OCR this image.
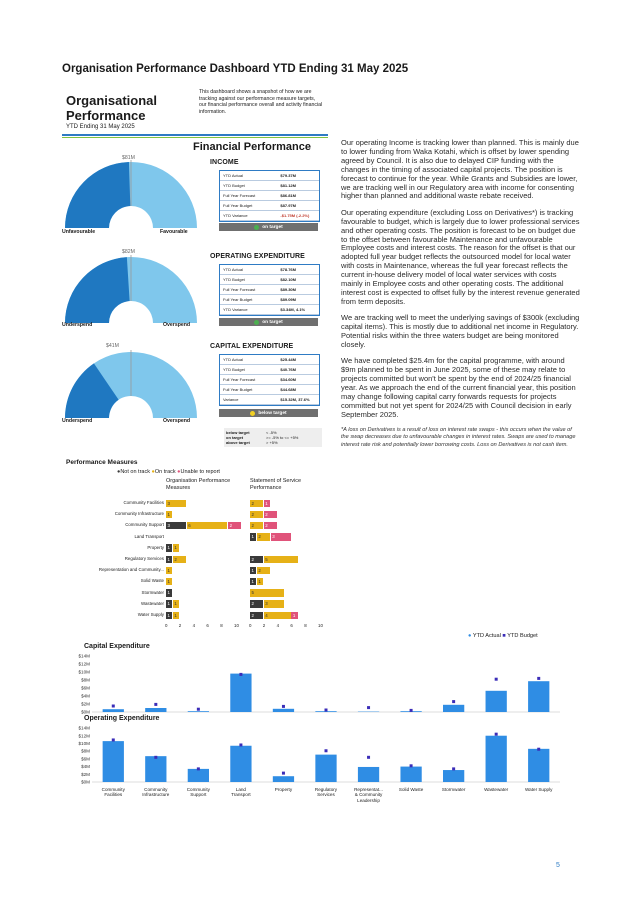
Organisation Performance Dashboard YTD Ending 31 May 2025
Organisational Performance
YTD Ending 31 May 2025
This dashboard shows a snapshot of how we are tracking against our performance measure targets, our financial performance overall and activity financial information.
Financial Performance
$81M
Unfavourable	Favourable
$82M
Underspend	Overspend
$41M
Underspend	Overspend
INCOME
YTD Actual	$79.37M
YTD Budget	$81.12M
Full Year Forecast	$86.81M
Full Year Budget	$87.97M
YTD Variance	-$1.75M (-2.2%)
on target
OPERATING EXPENDITURE
YTD Actual	$78.76M
YTD Budget	$82.10M
Full Year Forecast	$89.30M
Full Year Budget	$89.09M
YTD Variance	$3.34M, 4.1%
on target
CAPITAL EXPENDITURE
YTD Actual	$25.44M
YTD Budget	$40.76M
Full Year Forecast	$34.60M
Full Year Budget	$44.68M
Variance	$15.32M, 37.6%
below target
below target	< -5%
on target	>= -5% to <= +5%
above target	> +5%
Performance Measures
●Not on track ●On track ●Unable to report
Organisation Performance Measures
Statement of Service Performance
Community Facilities 3	2	1
Community Infrastructure 1	2	2
Community Support 3	6	2	2	2
Land Transport	1	2	3
Property 1	1
Regulatory Services 1	2	2	5
Representation and Community... 1	1	2
Solid Waste 1	1	1
Stormwater 1	5
Wastewater 1	1	2	3
Water Supply 1	1	2	4	1
0	2	4	6	8	10 0	2	4	6	8	10

Our operating Income is tracking lower than planned. This is mainly due to lower funding from Waka Kotahi, which is offset by lower spending agreed by Council. It is also due to delayed CIP funding with the changes in the timing of associated capital projects. The position is forecast to continue for the year. While Grants and Subsidies are lower, we are tracking well in our Regulatory area with income for consenting higher than planned and additional waste rebate received.

Our operating expenditure (excluding Loss on Derivatives*) is tracking favourable to budget, which is largely due to lower professional services and other operating costs. The position is forecast to be on budget due to the offset between favourable Maintenance and unfavourable Employee costs and interest costs. The reason for the offset is that our adopted full year budget reflects the outsourced model for local water with costs in Maintenance, whereas the full year forecast reflects the current in-house delivery model of local water services with costs mainly in Employee costs and other operating costs. The additional interest cost is expected to offset fully by the interest revenue generated from term deposits.

We are tracking well to meet the underlying savings of $300k (excluding capital items). This is mostly due to additional net income in Regulatory. Potential risks within the three waters budget are being monitored closely.

We have completed $25.4m for the capital programme, with around $9m planned to be spent in June 2025, some of these may relate to projects committed but won't be spent by the end of 2024/25 financial year. As we approach the end of the current financial year, this position may change following capital carry forwards requests for projects committed but not yet spent for 2024/25 with Council decision in early September 2025.

*A loss on Derivatives is a result of loss on interest rate swaps - this occurs when the value of the swap decreases due to unfavourable changes in interest rates. Swaps are used to manage interest rate risk and potentially lower borrowing costs. Loss on Derivatives is not cash item.

● YTD Actual ■ YTD Budget
Capital Expenditure
$14M
$12M
$10M
$8M
$6M
$4M
$2M
$0M
Operating Expenditure
$14M
$12M
$10M
$8M
$6M
$4M
$2M
$0M
Community
Facilities
Community
Infrastructure
Community
Support
Land
Transport
Property	Regulatory
Services
Representat...
& Community
Leadership
Solid Waste	Stormwater	Wastewater	Water Supply
5
